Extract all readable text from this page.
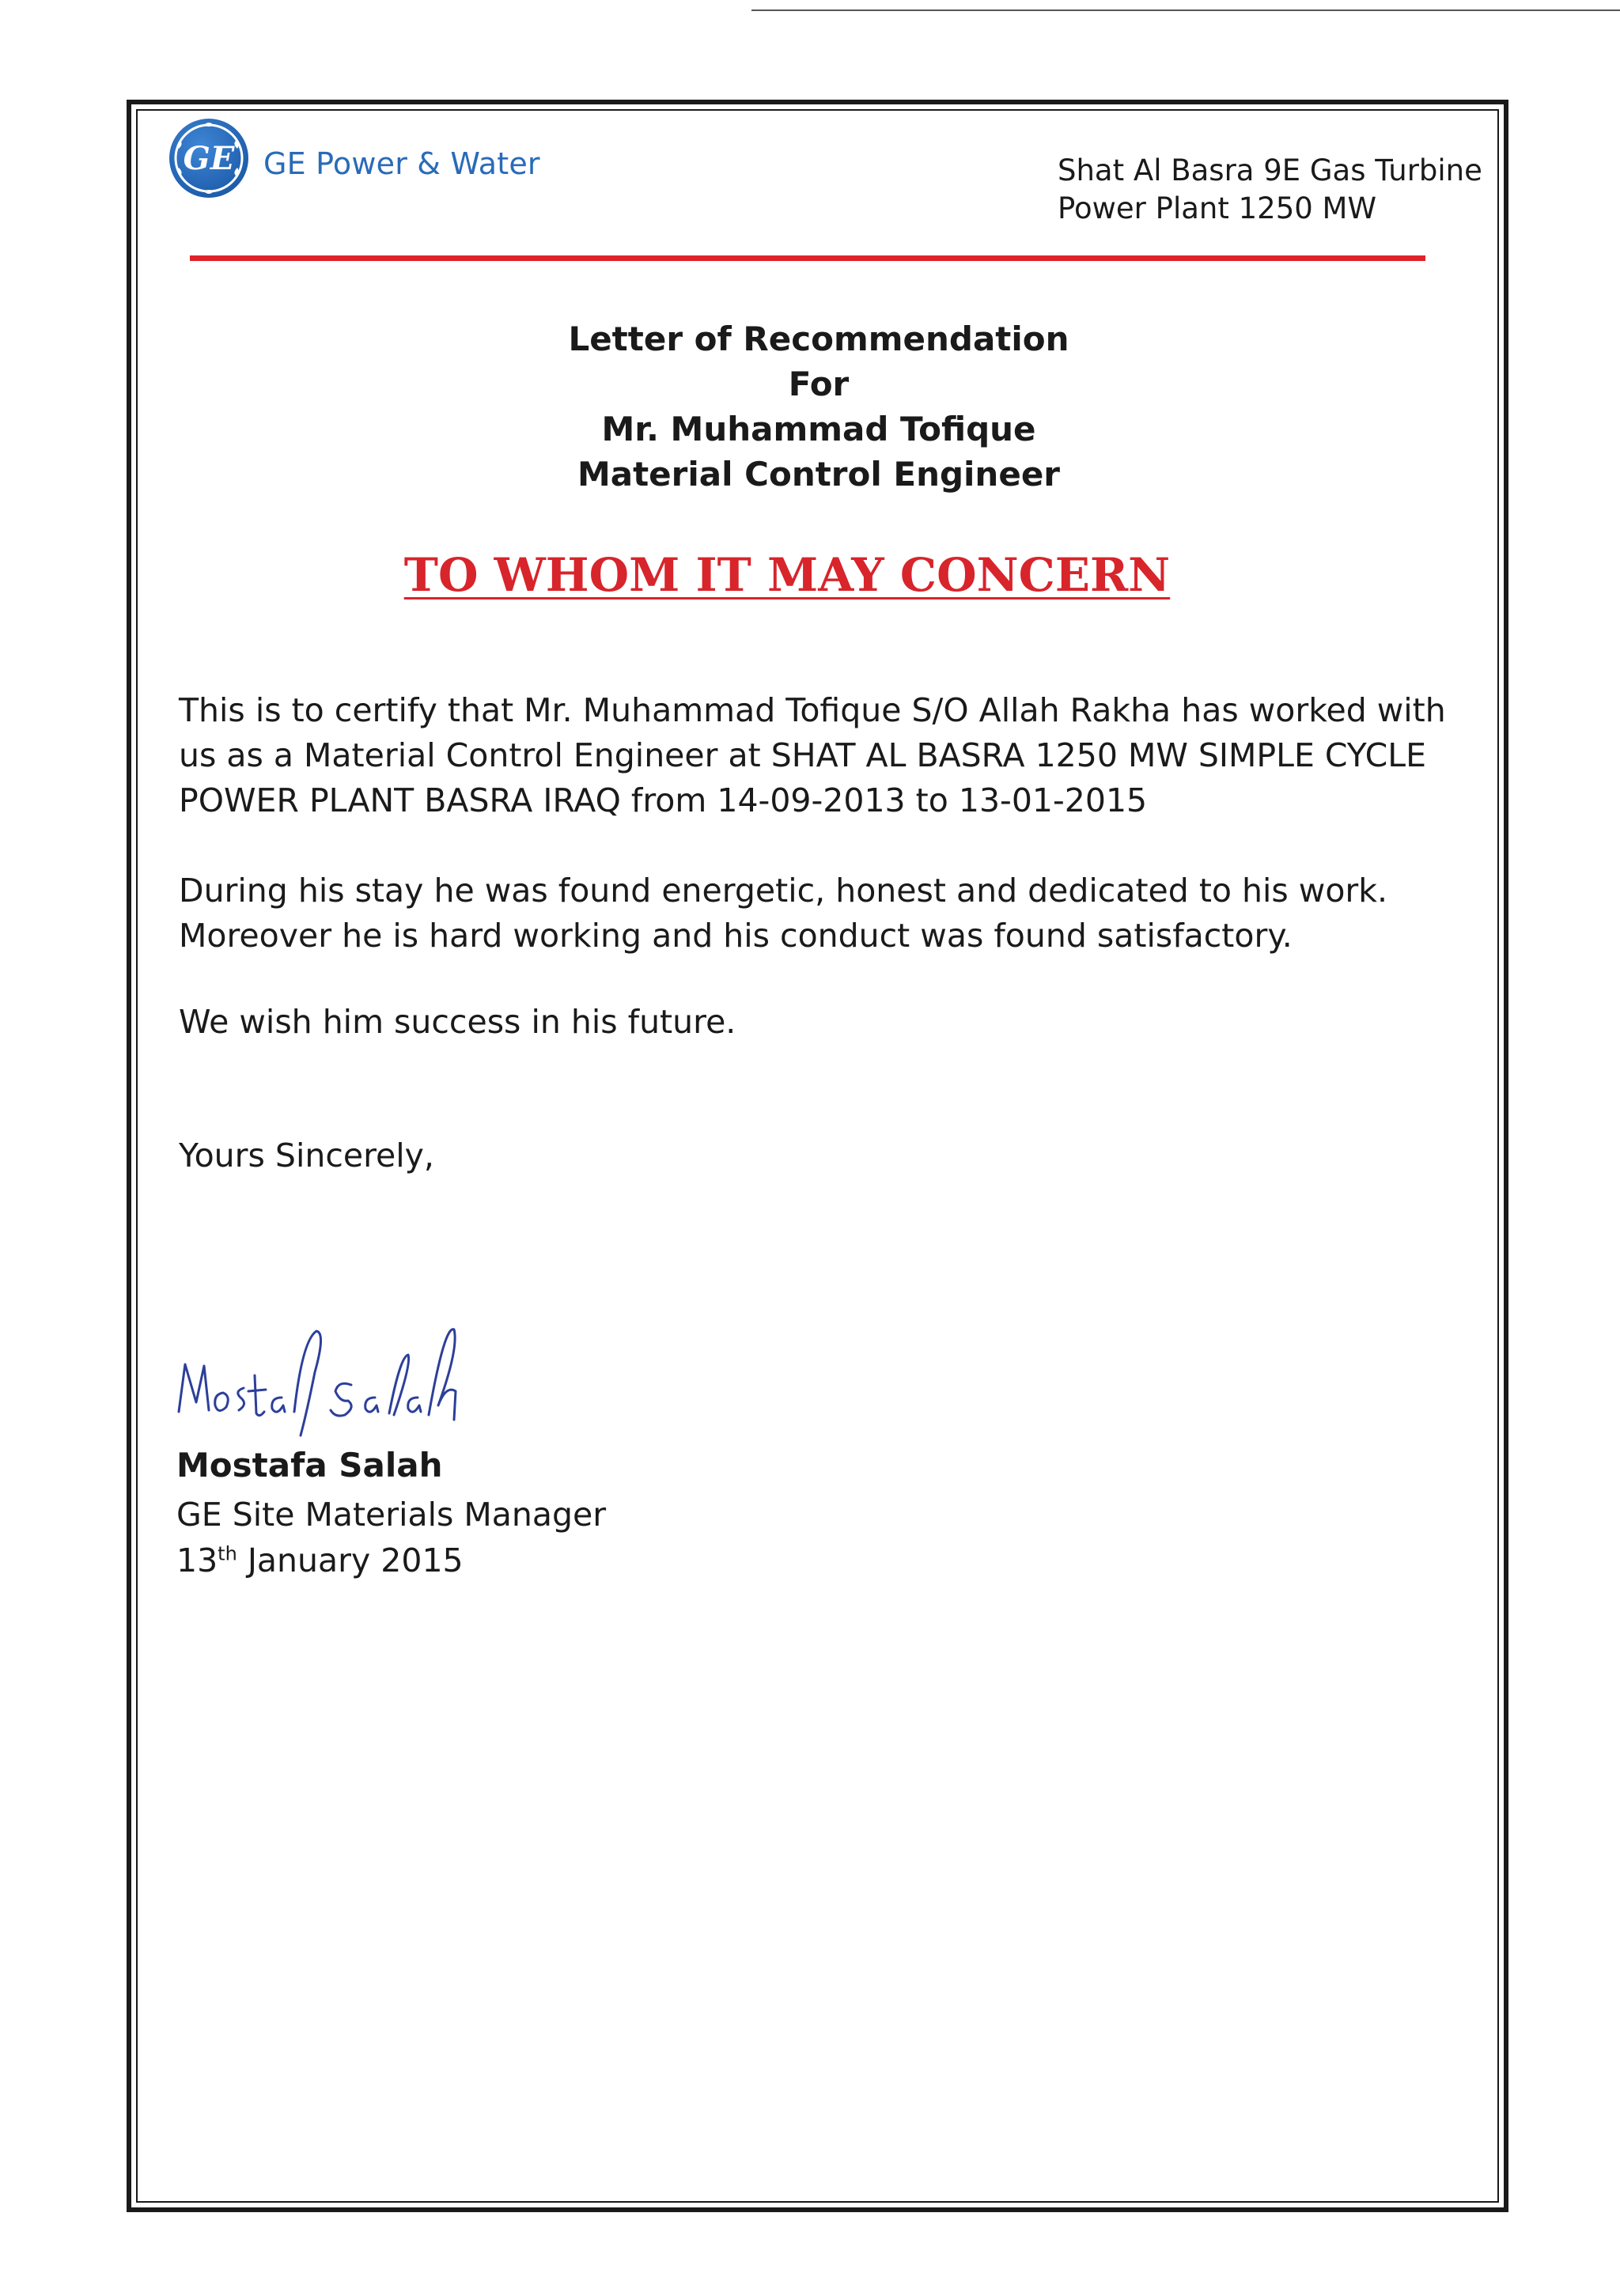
GE GE Power & Water	Shat Al Basra 9E Gas Turbine
Power Plant 1250 MW
Letter of Recommendation
For
Mr. Muhammad Tofique
Material Control Engineer
TO WHOM IT MAY CONCERN
This is to certify that Mr. Muhammad Tofique S/O Allah Rakha has worked with
us as a Material Control Engineer at SHAT AL BASRA 1250 MW SIMPLE CYCLE
POWER PLANT BASRA IRAQ from 14-09-2013 to 13-01-2015
During his stay he was found energetic, honest and dedicated to his work.
Moreover he is hard working and his conduct was found satisfactory.
We wish him success in his future.
Yours Sincerely,
Mostafa Salah
GE Site Materials Manager
13th January 2015
